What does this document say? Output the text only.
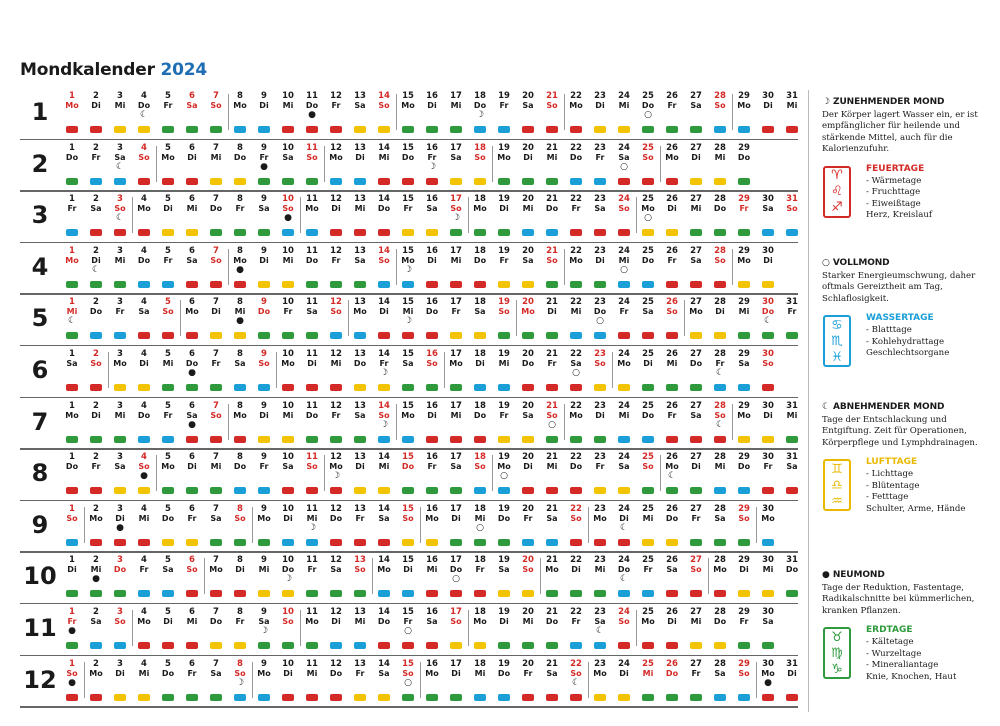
Mondkalender 2024
1
1
Mo
2
Di
3
Mi
4
Do
☾
5
Fr
6
Sa
7
So
8
Mo
9
Di
10
Mi
11
Do
●
12
Fr
13
Sa
14
So
15
Mo
16
Di
17
Mi
18
Do
☽
19
Fr
20
Sa
21
So
22
Mo
23
Di
24
Mi
25
Do
○
26
Fr
27
Sa
28
So
29
Mo
30
Di
31
Mi
2
1
Do
2
Fr
3
Sa
☾
4
So
5
Mo
6
Di
7
Mi
8
Do
9
Fr
●
10
Sa
11
So
12
Mo
13
Di
14
Mi
15
Do
16
Fr
☽
17
Sa
18
So
19
Mo
20
Di
21
Mi
22
Do
23
Fr
24
Sa
○
25
So
26
Mo
27
Di
28
Mi
29
Do
3
1
Fr
2
Sa
3
So
☾
4
Mo
5
Di
6
Mi
7
Do
8
Fr
9
Sa
10
So
●
11
Mo
12
Di
13
Mi
14
Do
15
Fr
16
Sa
17
So
☽
18
Mo
19
Di
20
Mi
21
Do
22
Fr
23
Sa
24
So
25
Mo
○
26
Di
27
Mi
28
Do
29
Fr
30
Sa
31
So
4
1
Mo
2
Di
☾
3
Mi
4
Do
5
Fr
6
Sa
7
So
8
Mo
●
9
Di
10
Mi
11
Do
12
Fr
13
Sa
14
So
15
Mo
☽
16
Di
17
Mi
18
Do
19
Fr
20
Sa
21
So
22
Mo
23
Di
24
Mi
○
25
Do
26
Fr
27
Sa
28
So
29
Mo
30
Di
5
1
Mi
☾
2
Do
3
Fr
4
Sa
5
So
6
Mo
7
Di
8
Mi
●
9
Do
10
Fr
11
Sa
12
So
13
Mo
14
Di
15
Mi
☽
16
Do
17
Fr
18
Sa
19
So
20
Mo
21
Di
22
Mi
23
Do
○
24
Fr
25
Sa
26
So
27
Mo
28
Di
29
Mi
30
Do
☾
31
Fr
6
1
Sa
2
So
3
Mo
4
Di
5
Mi
6
Do
●
7
Fr
8
Sa
9
So
10
Mo
11
Di
12
Mi
13
Do
14
Fr
☽
15
Sa
16
So
17
Mo
18
Di
19
Mi
20
Do
21
Fr
22
Sa
○
23
So
24
Mo
25
Di
26
Mi
27
Do
28
Fr
☾
29
Sa
30
So
7
1
Mo
2
Di
3
Mi
4
Do
5
Fr
6
Sa
●
7
So
8
Mo
9
Di
10
Mi
11
Do
12
Fr
13
Sa
14
So
☽
15
Mo
16
Di
17
Mi
18
Do
19
Fr
20
Sa
21
So
○
22
Mo
23
Di
24
Mi
25
Do
26
Fr
27
Sa
28
So
☾
29
Mo
30
Di
31
Mi
8
1
Do
2
Fr
3
Sa
4
So
●
5
Mo
6
Di
7
Mi
8
Do
9
Fr
10
Sa
11
So
12
Mo
☽
13
Di
14
Mi
15
Do
16
Fr
17
Sa
18
So
19
Mo
○
20
Di
21
Mi
22
Do
23
Fr
24
Sa
25
So
26
Mo
☾
27
Di
28
Mi
29
Do
30
Fr
31
Sa
9
1
So
2
Mo
3
Di
●
4
Mi
5
Do
6
Fr
7
Sa
8
So
9
Mo
10
Di
11
Mi
☽
12
Do
13
Fr
14
Sa
15
So
16
Mo
17
Di
18
Mi
○
19
Do
20
Fr
21
Sa
22
So
23
Mo
24
Di
☾
25
Mi
26
Do
27
Fr
28
Sa
29
So
30
Mo
10
1
Di
2
Mi
●
3
Do
4
Fr
5
Sa
6
So
7
Mo
8
Di
9
Mi
10
Do
☽
11
Fr
12
Sa
13
So
14
Mo
15
Di
16
Mi
17
Do
○
18
Fr
19
Sa
20
So
21
Mo
22
Di
23
Mi
24
Do
☾
25
Fr
26
Sa
27
So
28
Mo
29
Di
30
Mi
31
Do
11
1
Fr
●
2
Sa
3
So
4
Mo
5
Di
6
Mi
7
Do
8
Fr
9
Sa
☽
10
So
11
Mo
12
Di
13
Mi
14
Do
15
Fr
○
16
Sa
17
So
18
Mo
19
Di
20
Mi
21
Do
22
Fr
23
Sa
☾
24
So
25
Mo
26
Di
27
Mi
28
Do
29
Fr
30
Sa
12
1
So
●
2
Mo
3
Di
4
Mi
5
Do
6
Fr
7
Sa
8
So
☽
9
Mo
10
Di
11
Mi
12
Do
13
Fr
14
Sa
15
So
○
16
Mo
17
Di
18
Mi
19
Do
20
Fr
21
Sa
22
So
☾
23
Mo
24
Di
25
Mi
26
Do
27
Fr
28
Sa
29
So
30
Mo
●
31
Di
☽ ZUNEHMENDER MOND
Der Körper lagert Wasser ein, er ist empfänglicher für heilende und stärkende Mittel, auch für die Kalorienzufuhr.
♈
♌
♐
FEUERTAGE
- Wärmetage
- Fruchttage
- Eiweißtage
Herz, Kreislauf
○ VOLLMOND
Starker Energieumschwung, daher oftmals Gereiztheit am Tag, Schlaflosigkeit.
♋
♏
♓
WASSERTAGE
- Blatttage
- Kohlehydrattage
Geschlechtsorgane
☾ ABNEHMENDER MOND
Tage der Entschlackung und Entgiftung. Zeit für Operationen, Körperpflege und Lymphdrainagen.
♊
♎
♒
LUFTTAGE
- Lichttage
- Blütentage
- Fetttage
Schulter, Arme, Hände
● NEUMOND
Tage der Reduktion, Fastentage, Radikalschnitte bei kümmerlichen, kranken Pflanzen.
♉
♍
♑
ERDTAGE
- Kältetage
- Wurzeltage
- Mineraliantage
Knie, Knochen, Haut
